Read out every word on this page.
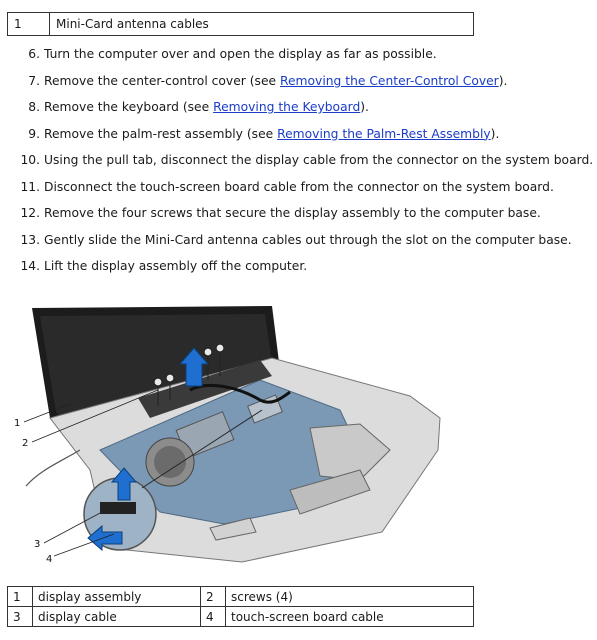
1	Mini-Card antenna cables
6. Turn the computer over and open the display as far as possible.
7. Remove the center-control cover (see Removing the Center-Control Cover).
8. Remove the keyboard (see Removing the Keyboard).
9. Remove the palm-rest assembly (see Removing the Palm-Rest Assembly).
10. Using the pull tab, disconnect the display cable from the connector on the system board.
11. Disconnect the touch-screen board cable from the connector on the system board.
12. Remove the four screws that secure the display assembly to the computer base.
13. Gently slide the Mini-Card antenna cables out through the slot on the computer base.
14. Lift the display assembly off the computer.
1
2
3
4
1	display assembly	2	screws (4)
3	display cable	4	touch-screen board cable
